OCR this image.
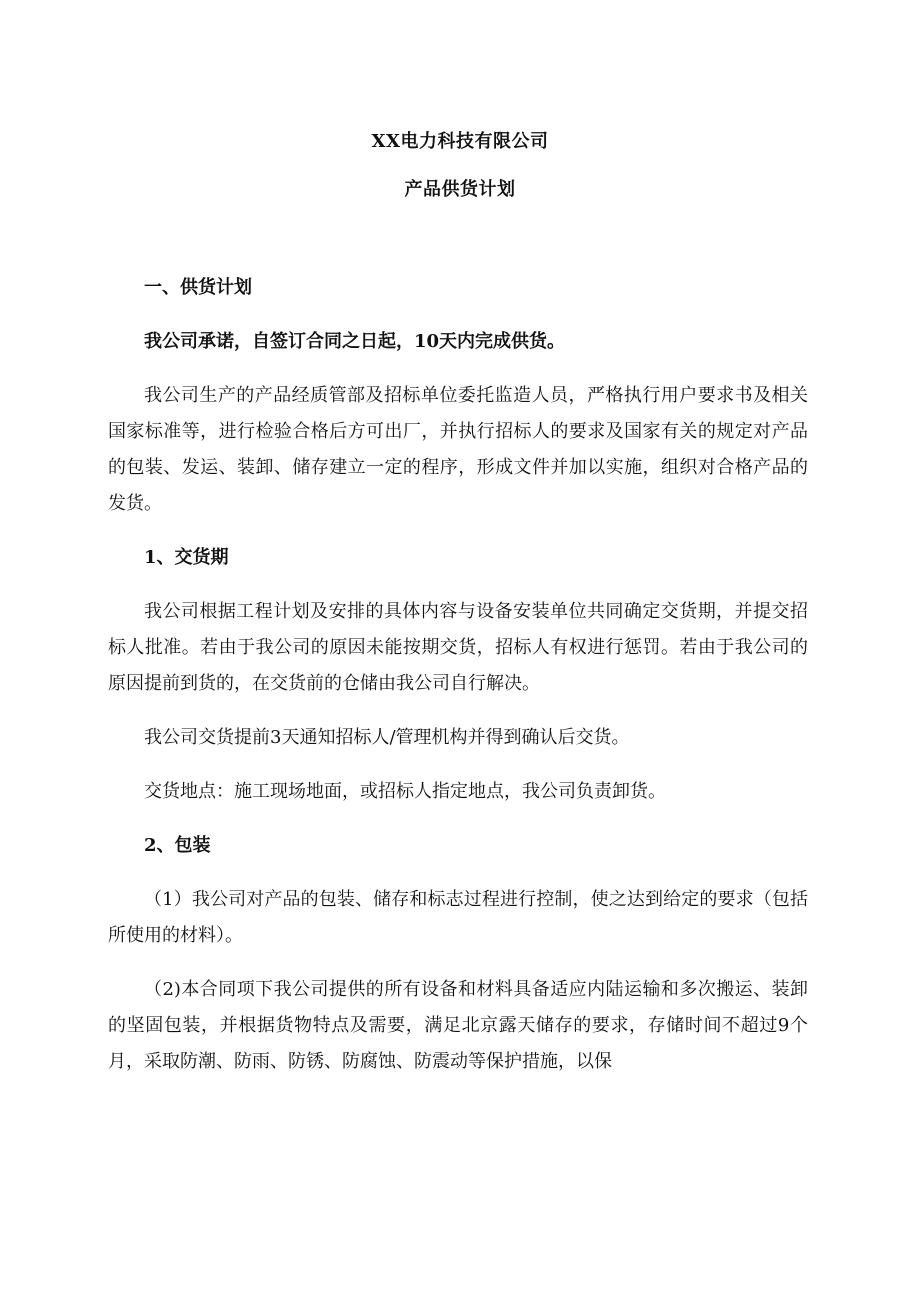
XX电力科技有限公司
产品供货计划

一、供货计划

我公司承诺，自签订合同之日起，10天内完成供货。

我公司生产的产品经质管部及招标单位委托监造人员，严格执行用户要求书及相关国家标准等，进行检验合格后方可出厂，并执行招标人的要求及国家有关的规定对产品的包装、发运、装卸、储存建立一定的程序，形成文件并加以实施，组织对合格产品的发货。

1、交货期

我公司根据工程计划及安排的具体内容与设备安装单位共同确定交货期，并提交招标人批准。若由于我公司的原因未能按期交货，招标人有权进行惩罚。若由于我公司的原因提前到货的，在交货前的仓储由我公司自行解决。

我公司交货提前3天通知招标人/管理机构并得到确认后交货。

交货地点：施工现场地面，或招标人指定地点，我公司负责卸货。

2、包装

（1）我公司对产品的包装、储存和标志过程进行控制，使之达到给定的要求（包括所使用的材料）。

（2)本合同项下我公司提供的所有设备和材料具备适应内陆运输和多次搬运、装卸的坚固包装，并根据货物特点及需要，满足北京露天储存的要求，存储时间不超过9个月，采取防潮、防雨、防锈、防腐蚀、防震动等保护措施，以保
